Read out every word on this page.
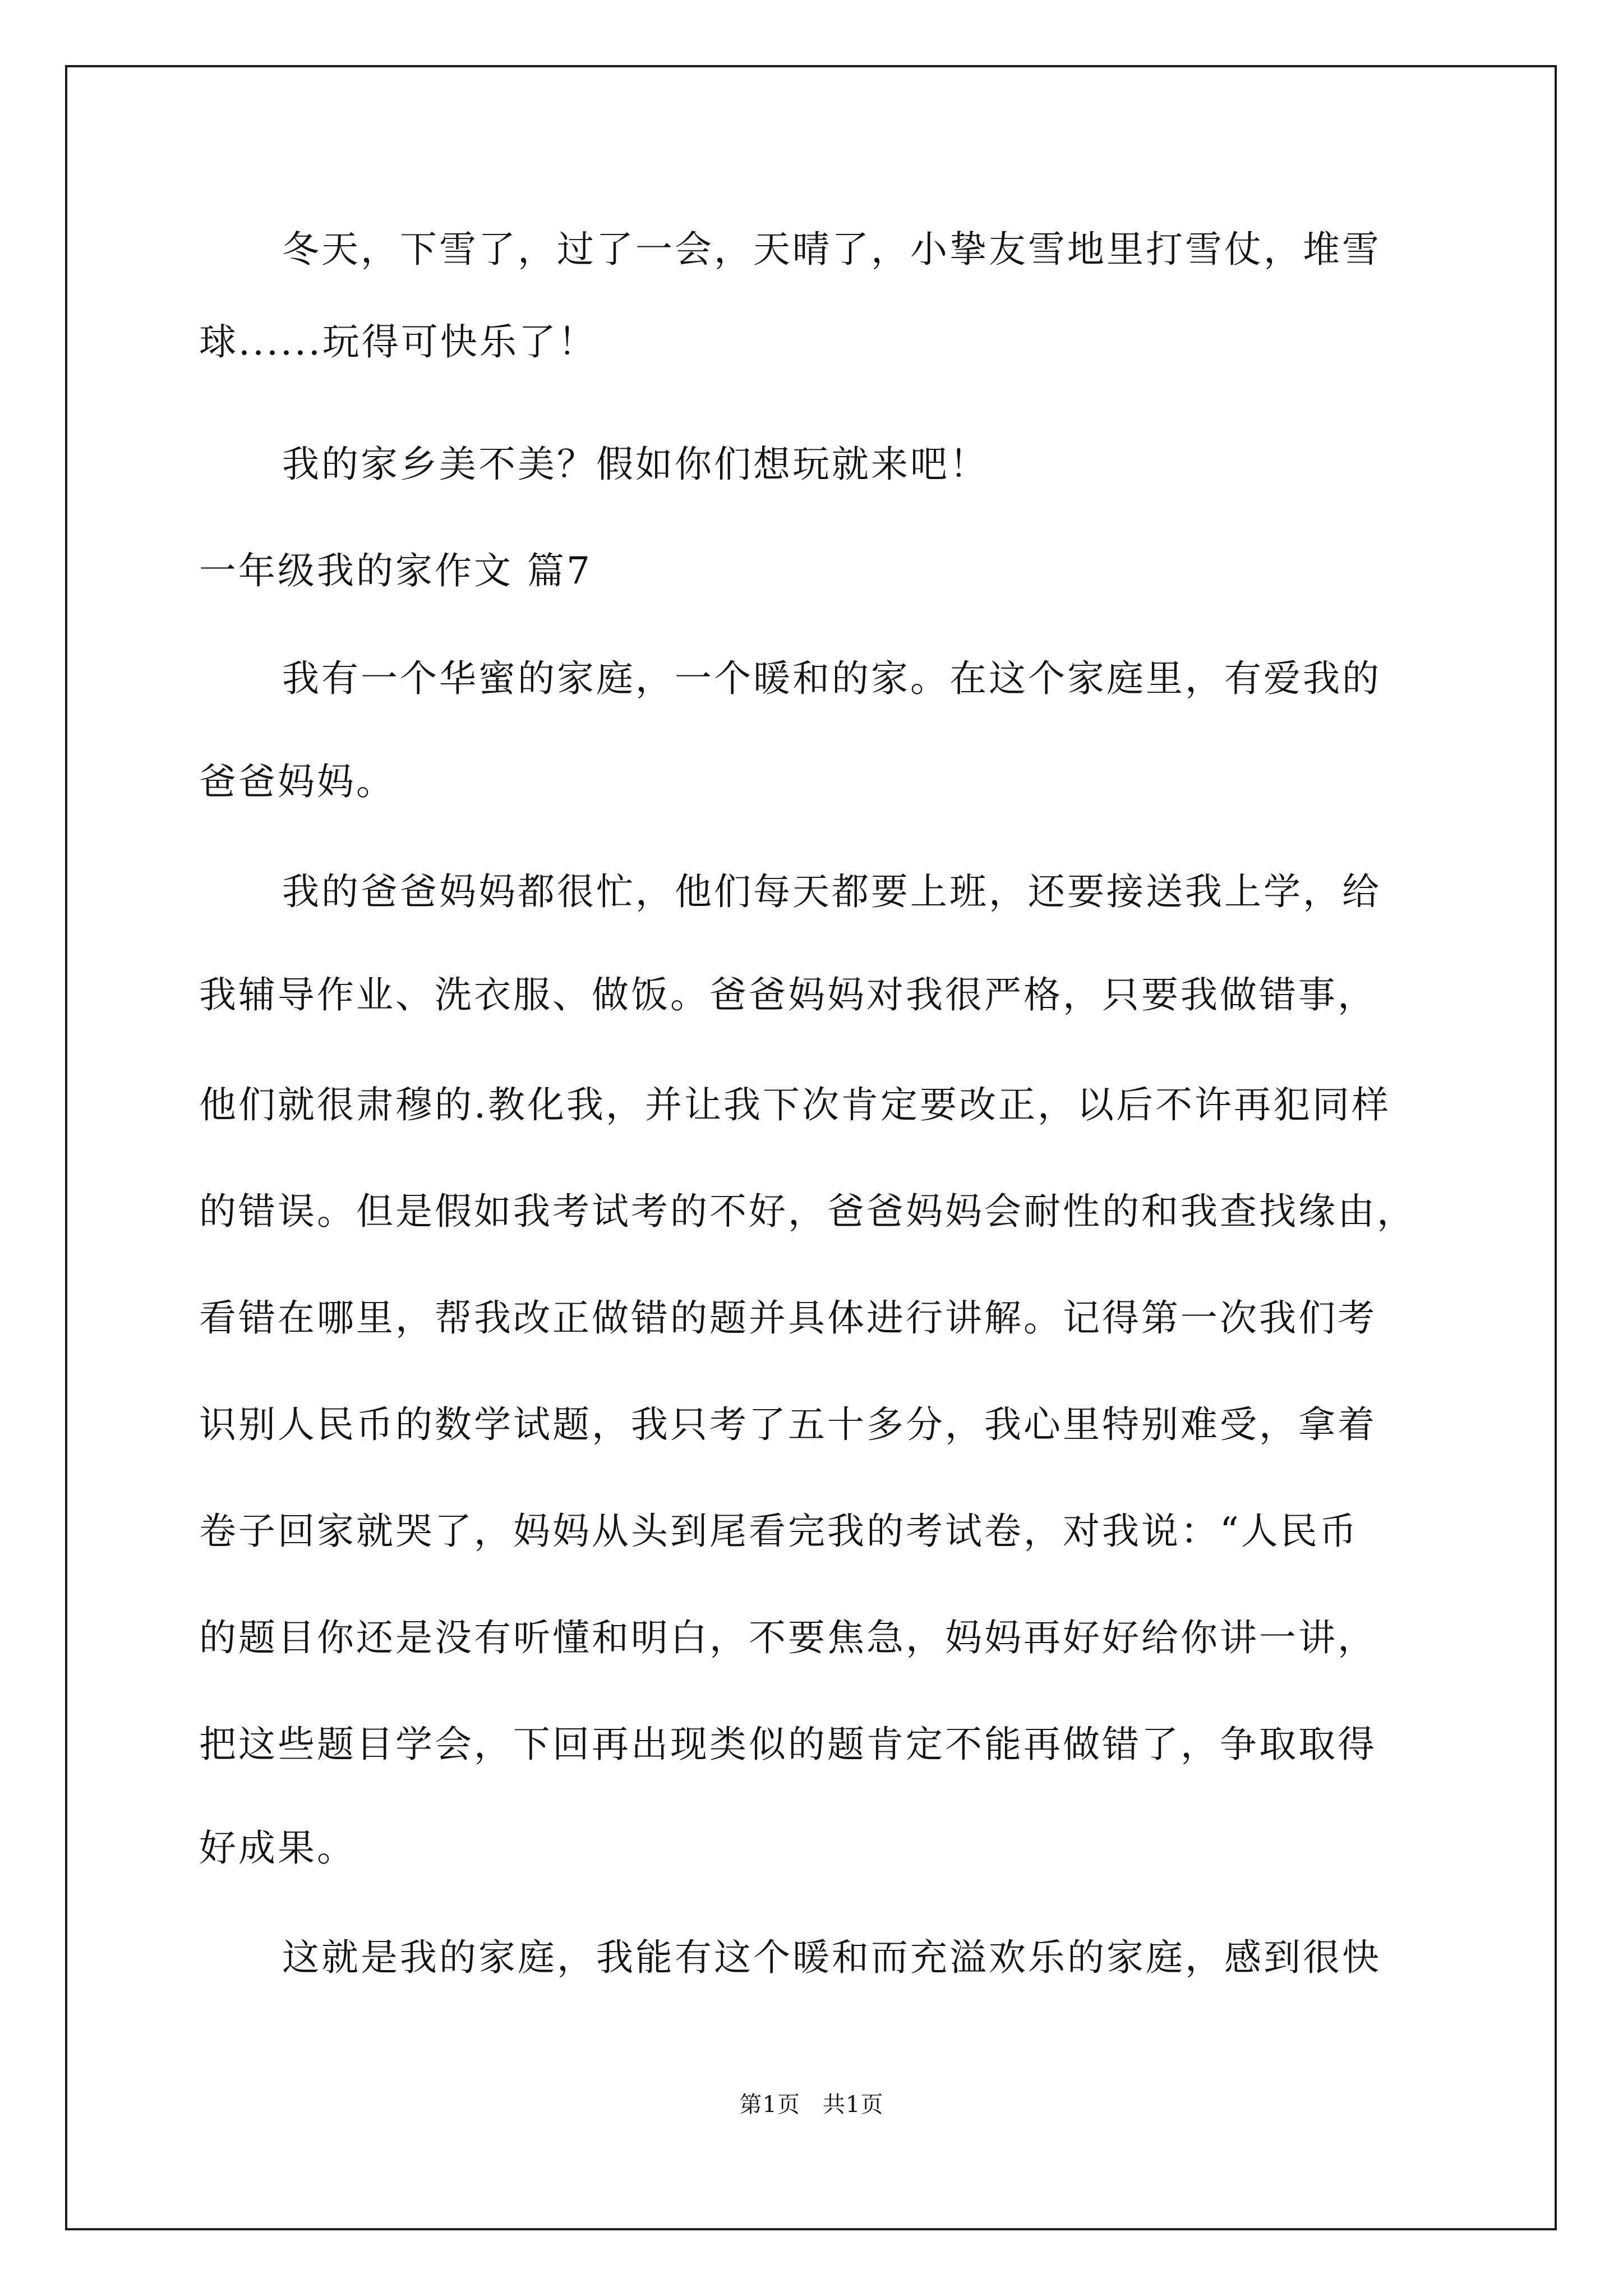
冬天，下雪了，过了一会，天晴了，小挚友雪地里打雪仗，堆雪
球......玩得可快乐了！
我的家乡美不美？假如你们想玩就来吧！
一年级我的家作文 篇7
我有一个华蜜的家庭，一个暖和的家。在这个家庭里，有爱我的
爸爸妈妈。
我的爸爸妈妈都很忙，他们每天都要上班，还要接送我上学，给
我辅导作业、洗衣服、做饭。爸爸妈妈对我很严格，只要我做错事，
他们就很肃穆的.教化我，并让我下次肯定要改正，以后不许再犯同样
的错误。但是假如我考试考的不好，爸爸妈妈会耐性的和我查找缘由，
看错在哪里，帮我改正做错的题并具体进行讲解。记得第一次我们考
识别人民币的数学试题，我只考了五十多分，我心里特别难受，拿着
卷子回家就哭了，妈妈从头到尾看完我的考试卷，对我说：“人民币
的题目你还是没有听懂和明白，不要焦急，妈妈再好好给你讲一讲，
把这些题目学会，下回再出现类似的题肯定不能再做错了，争取取得
好成果。
这就是我的家庭，我能有这个暖和而充溢欢乐的家庭，感到很快
第1页 共1页
